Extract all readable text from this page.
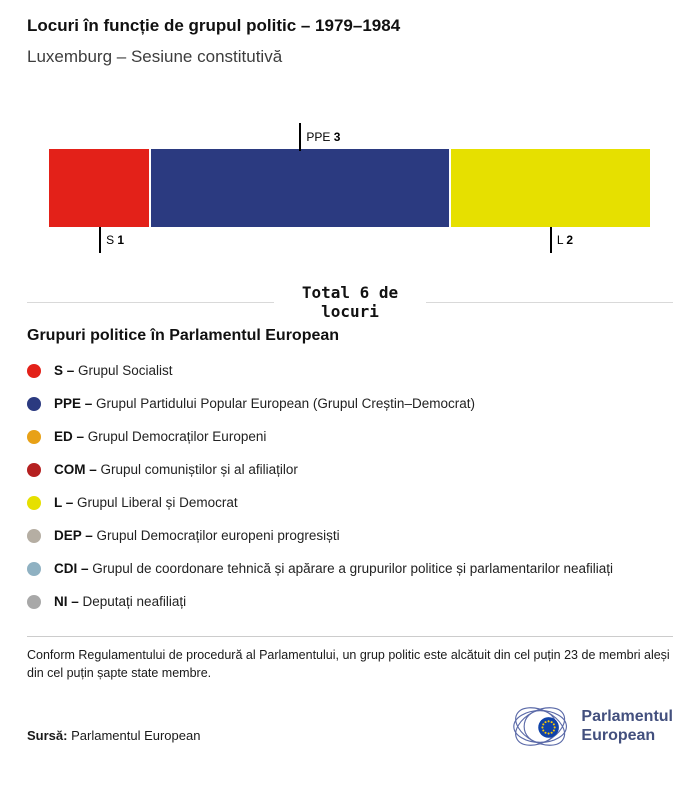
Locuri în funcție de grupul politic – 1979–1984
Luxemburg – Sesiune constitutivă
S 1
PPE 3
L 2
Total 6 de locuri
Grupuri politice în Parlamentul European
S – Grupul Socialist
PPE – Grupul Partidului Popular European (Grupul Creștin–Democrat)
ED – Grupul Democraților Europeni
COM – Grupul comuniștilor și al afiliaților
L – Grupul Liberal și Democrat
DEP – Grupul Democraților europeni progresiști
CDI – Grupul de coordonare tehnică și apărare a grupurilor politice și parlamentarilor neafiliați
NI – Deputați neafiliați

Conform Regulamentului de procedură al Parlamentului, un grup politic este alcătuit din cel puțin 23 de membri aleși din cel puțin șapte state membre.

Sursă: Parlamentul European

Parlamentul
European
